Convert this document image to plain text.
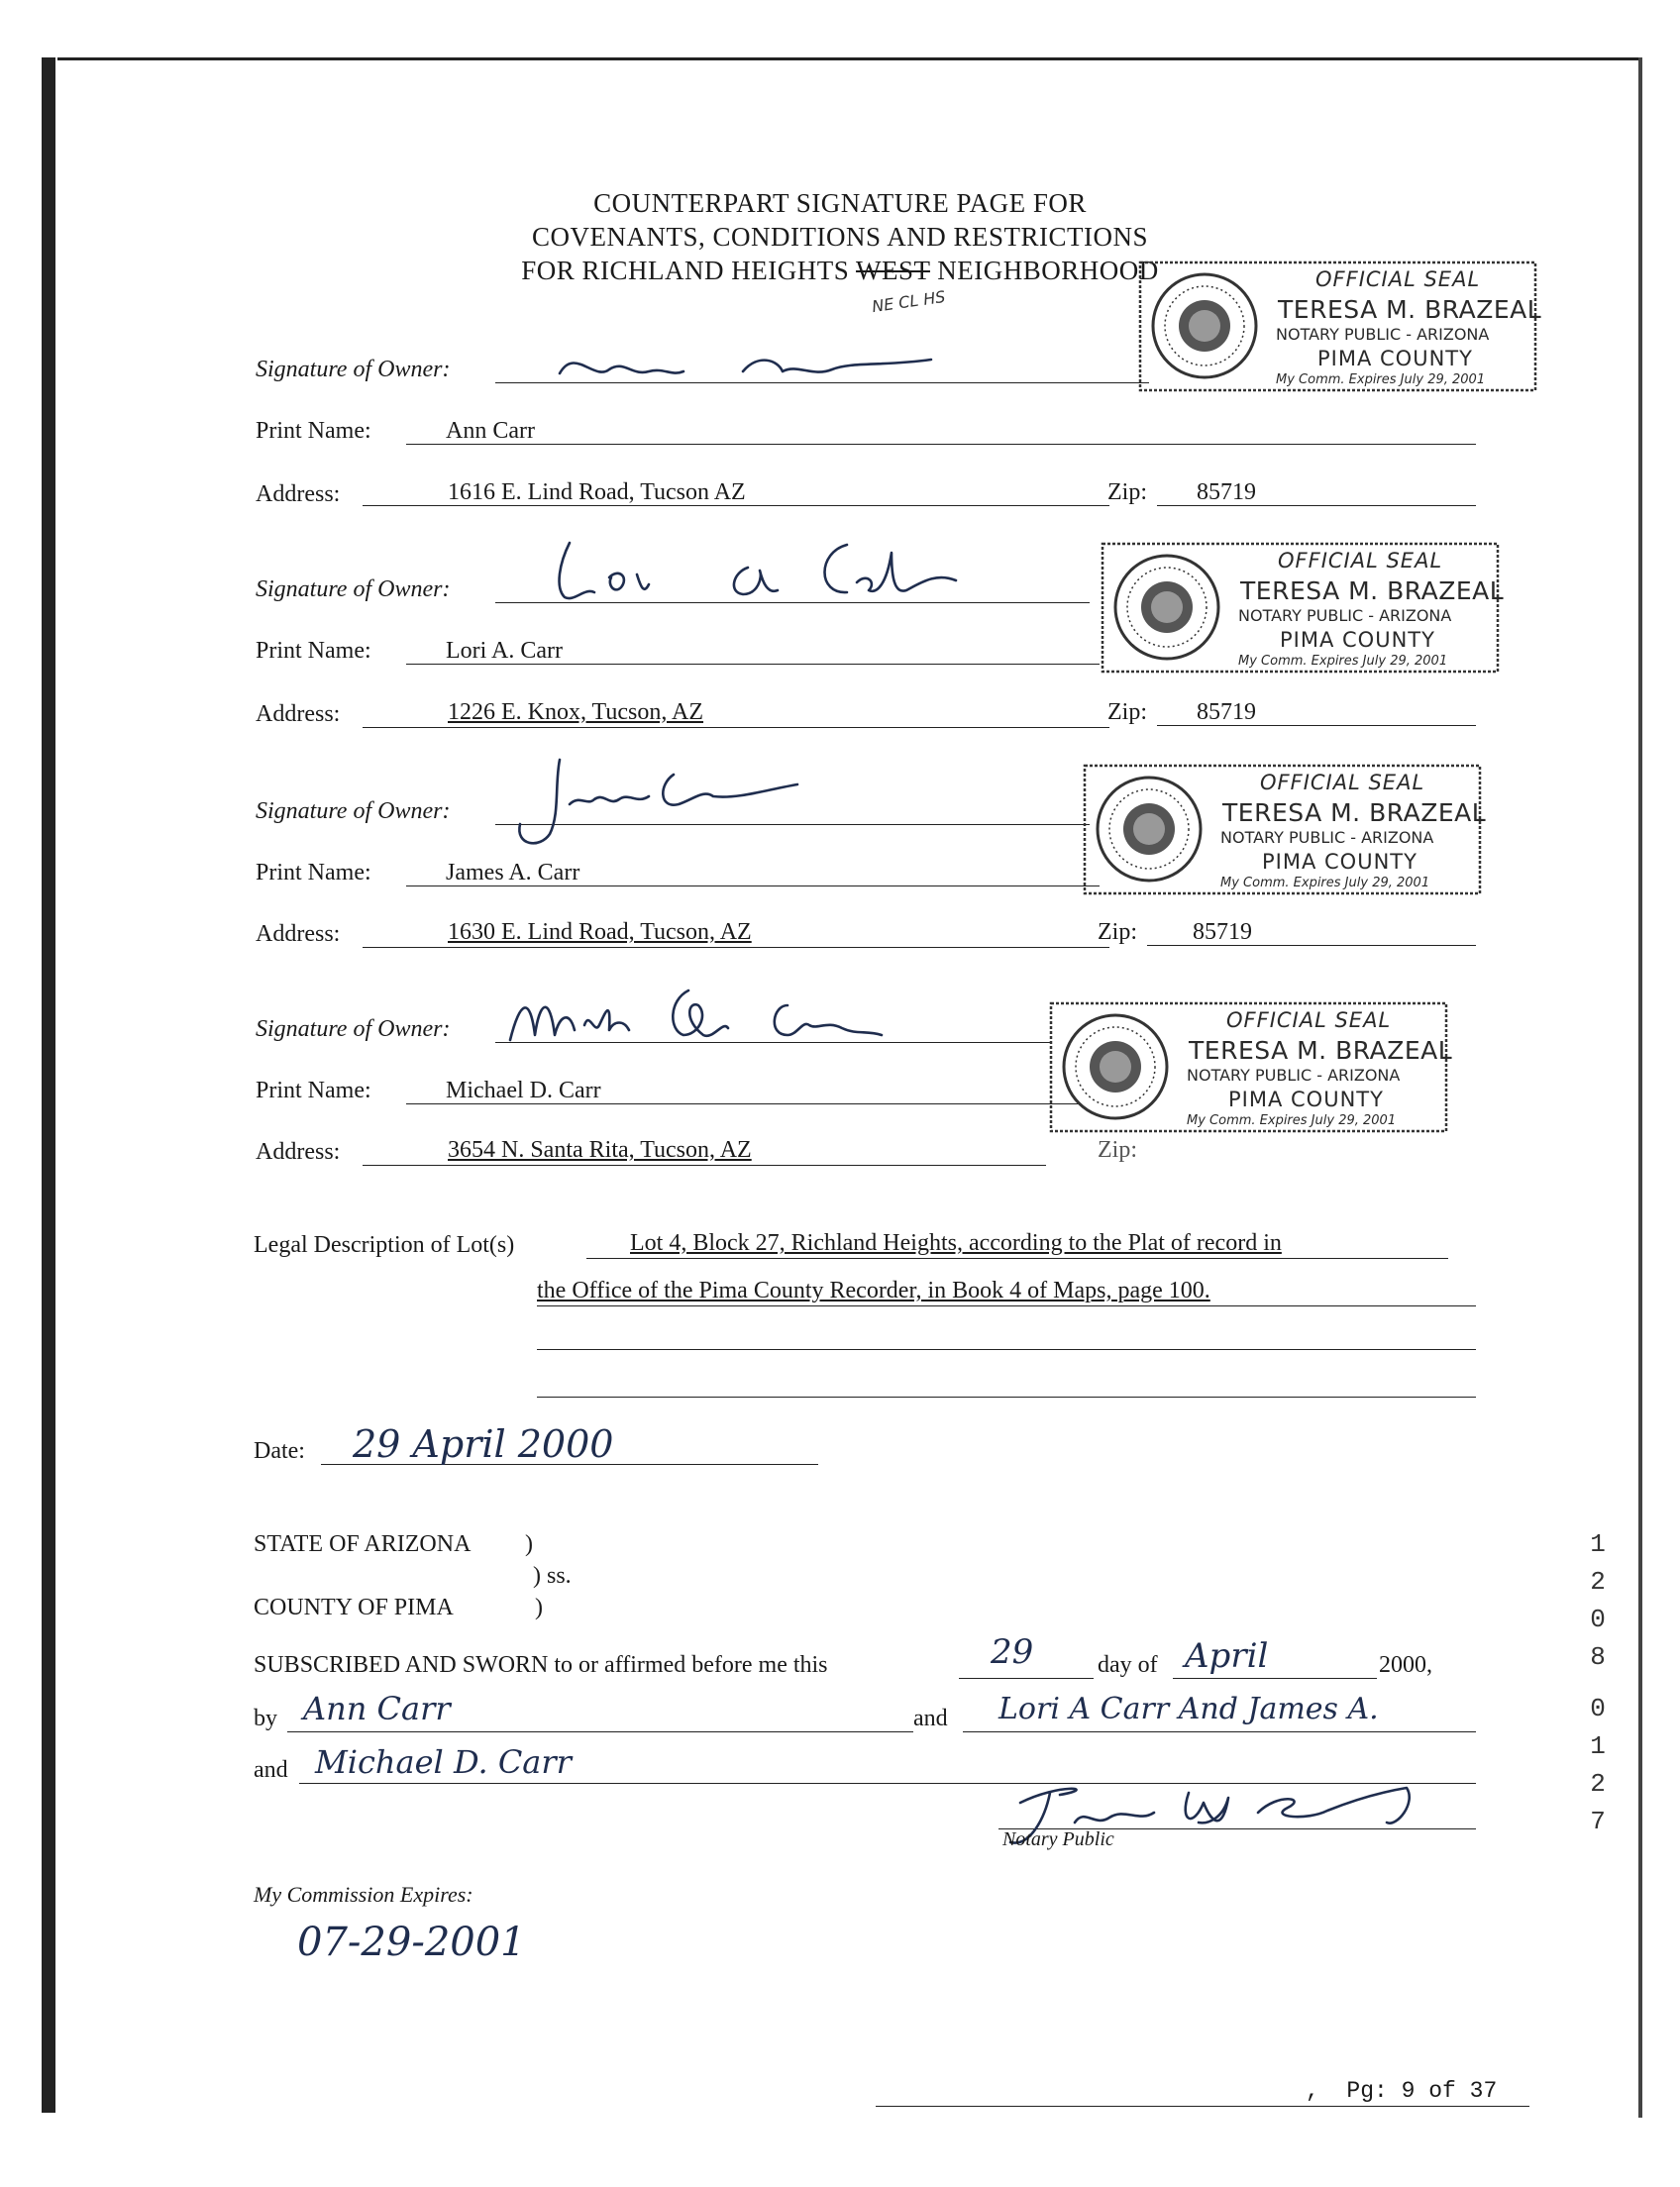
COUNTERPART SIGNATURE PAGE FOR
COVENANTS, CONDITIONS AND RESTRICTIONS
FOR RICHLAND HEIGHTS WEST NEIGHBORHOOD
NE CL HS
Signature of Owner:
Print Name:	Ann Carr
Address:	1616 E. Lind Road, Tucson AZ	Zip: 85719
Signature of Owner:
Print Name:	Lori A. Carr
Address:	1226 E. Knox, Tucson, AZ	Zip: 85719
Signature of Owner:
Print Name:	James A. Carr
Address:	1630 E. Lind Road, Tucson, AZ	Zip: 85719
Signature of Owner:
Print Name:	Michael D. Carr
Address:	3654 N. Santa Rita, Tucson, AZ	Zip:
OFFICIAL SEAL
TERESA M. BRAZEAL
NOTARY PUBLIC - ARIZONA
PIMA COUNTY
My Comm. Expires July 29, 2001
OFFICIAL SEAL
TERESA M. BRAZEAL
NOTARY PUBLIC - ARIZONA
PIMA COUNTY
My Comm. Expires July 29, 2001
OFFICIAL SEAL
TERESA M. BRAZEAL
NOTARY PUBLIC - ARIZONA
PIMA COUNTY
My Comm. Expires July 29, 2001
OFFICIAL SEAL
TERESA M. BRAZEAL
NOTARY PUBLIC - ARIZONA
PIMA COUNTY
My Comm. Expires July 29, 2001
Legal Description of Lot(s)	Lot 4, Block 27, Richland Heights, according to the Plat of record in
the Office of the Pima County Recorder, in Book 4 of Maps, page 100.
Date: 29 April 2000
STATE OF ARIZONA )
) ss.
COUNTY OF PIMA	)
SUBSCRIBED AND SWORN to or affirmed before me this	29	day of April	2000,
by Ann Carr	and Lori A Carr And James A.
and Michael D. Carr
Notary Public
My Commission Expires:
07-29-2001
1
2
0
8
0
1
2
7
, Pg: 9 of 37
